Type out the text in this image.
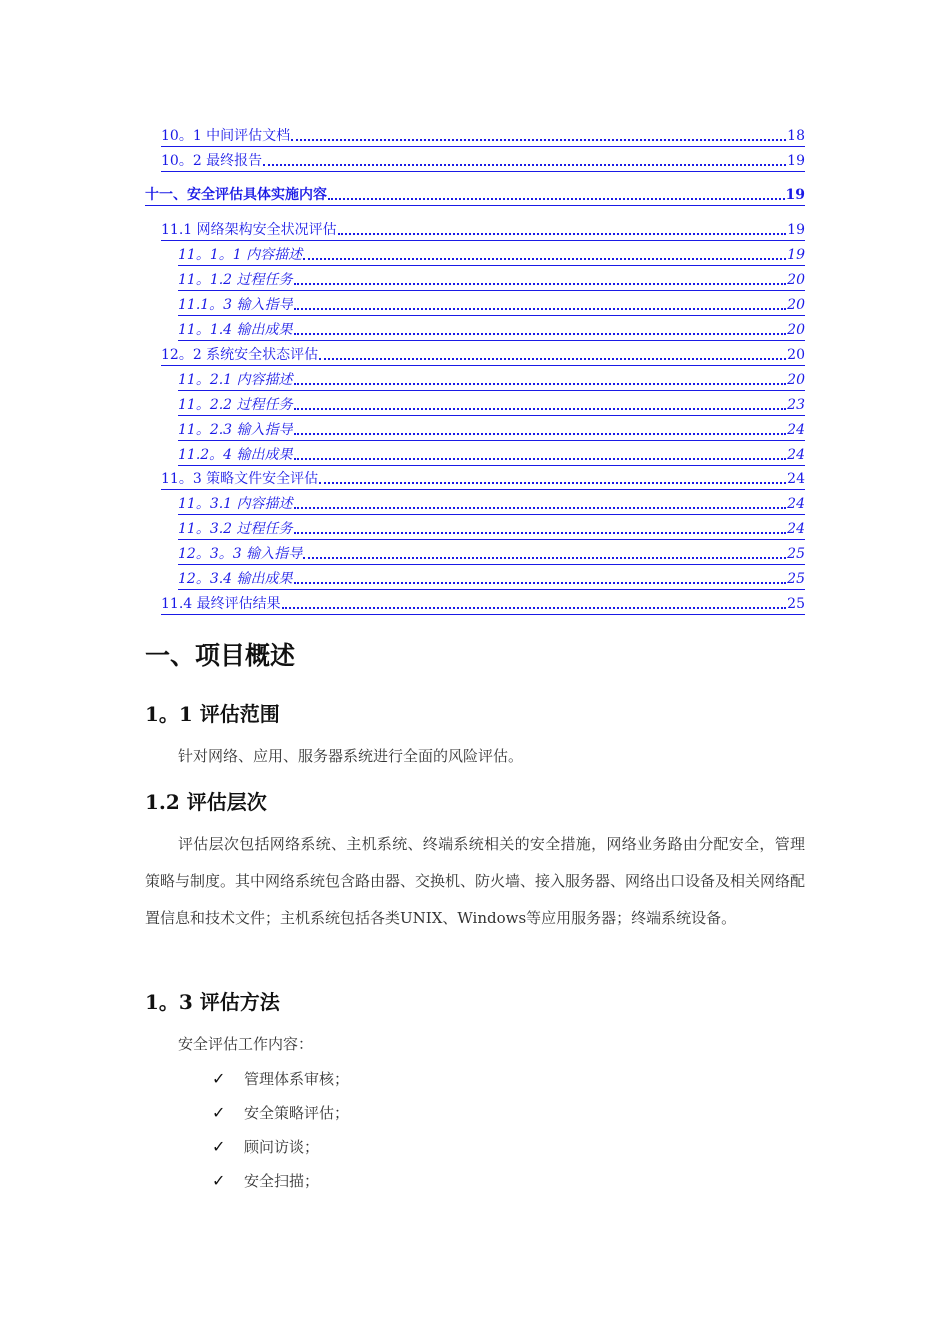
10。1 中间评估文档	18
10。2 最终报告	19
十一、安全评估具体实施内容	19
11.1 网络架构安全状况评估	19
11。1。1 内容描述	19
11。1.2 过程任务	20
11.1。3 输入指导	20
11。1.4 输出成果	20
12。2 系统安全状态评估	20
11。2.1 内容描述	20
11。2.2 过程任务	23
11。2.3 输入指导	24
11.2。4 输出成果	24
11。3 策略文件安全评估	24
11。3.1 内容描述	24
11。3.2 过程任务	24
12。3。3 输入指导	25
12。3.4 输出成果	25
11.4 最终评估结果	25
一、项目概述
1。1 评估范围
针对网络、应用、服务器系统进行全面的风险评估。
1.2 评估层次
评估层次包括网络系统、主机系统、终端系统相关的安全措施，网络业务路由分配安全，管理策略与制度。其中网络系统包含路由器、交换机、防火墙、接入服务器、网络出口设备及相关网络配置信息和技术文件；主机系统包括各类UNIX、Windows等应用服务器；终端系统设备。
1。3 评估方法
安全评估工作内容：
✓	管理体系审核；
✓	安全策略评估；
✓	顾问访谈；
✓	安全扫描；
